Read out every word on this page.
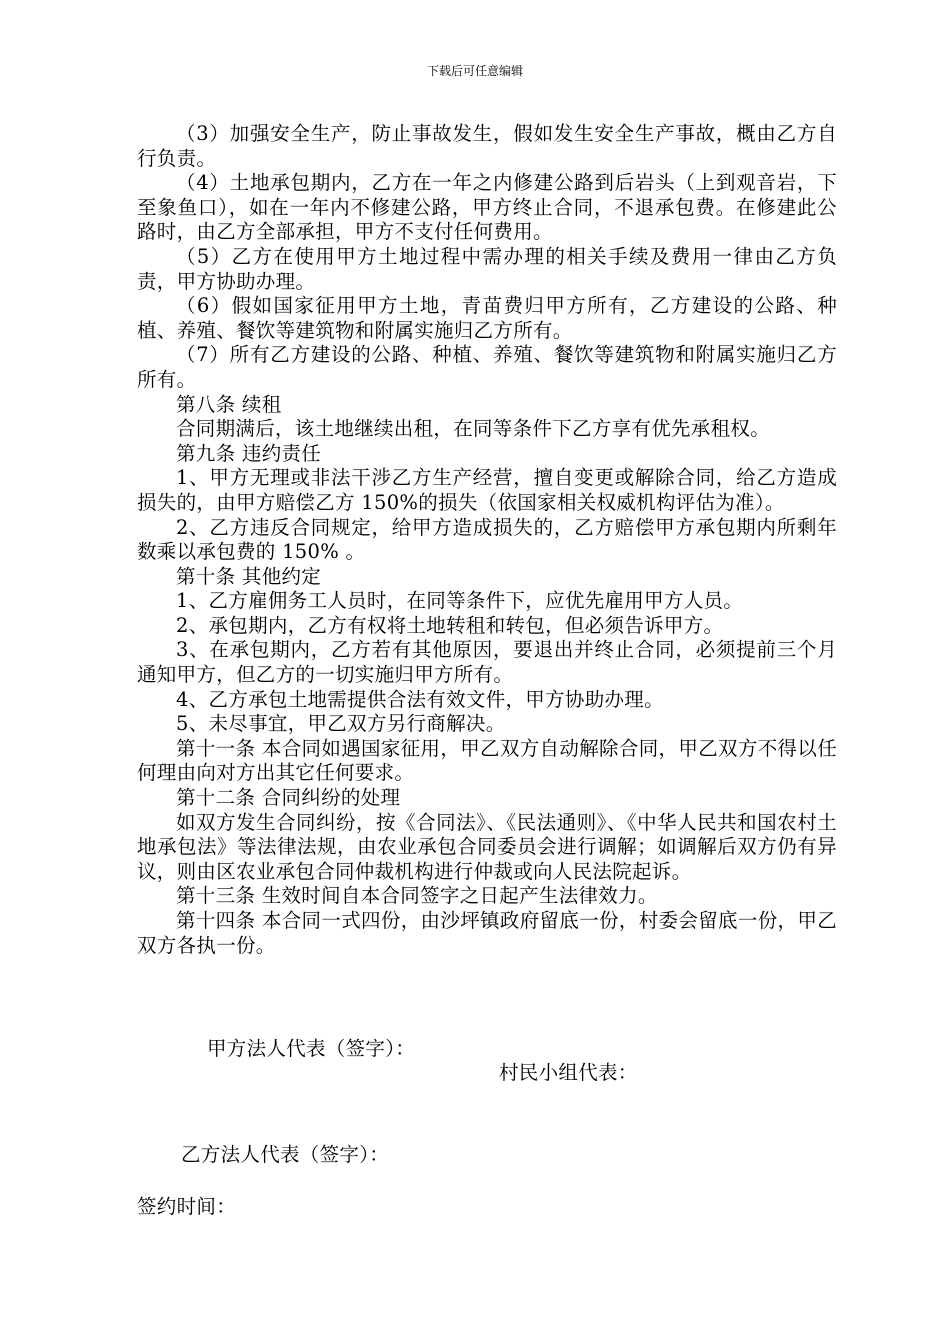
下载后可任意编辑

（3）加强安全生产，防止事故发生，假如发生安全生产事故，概由乙方自行负责。

（4）土地承包期内，乙方在一年之内修建公路到后岩头（上到观音岩，下至象鱼口），如在一年内不修建公路，甲方终止合同，不退承包费。在修建此公路时，由乙方全部承担，甲方不支付任何费用。

（5）乙方在使用甲方土地过程中需办理的相关手续及费用一律由乙方负责，甲方协助办理。

（6）假如国家征用甲方土地，青苗费归甲方所有，乙方建设的公路、种植、养殖、餐饮等建筑物和附属实施归乙方所有。

（7）所有乙方建设的公路、种植、养殖、餐饮等建筑物和附属实施归乙方所有。

第八条 续租

合同期满后，该土地继续出租，在同等条件下乙方享有优先承租权。

第九条 违约责任

1、甲方无理或非法干涉乙方生产经营，擅自变更或解除合同，给乙方造成损失的，由甲方赔偿乙方 150%的损失（依国家相关权威机构评估为准）。

2、乙方违反合同规定，给甲方造成损失的，乙方赔偿甲方承包期内所剩年数乘以承包费的 150% 。

第十条 其他约定

1、乙方雇佣务工人员时，在同等条件下，应优先雇用甲方人员。

2、承包期内，乙方有权将土地转租和转包，但必须告诉甲方。

3、在承包期内，乙方若有其他原因，要退出并终止合同，必须提前三个月通知甲方，但乙方的一切实施归甲方所有。

4、乙方承包土地需提供合法有效文件，甲方协助办理。

5、未尽事宜，甲乙双方另行商解决。

第十一条 本合同如遇国家征用，甲乙双方自动解除合同，甲乙双方不得以任何理由向对方出其它任何要求。

第十二条 合同纠纷的处理

如双方发生合同纠纷，按《合同法》、《民法通则》、《中华人民共和国农村土地承包法》等法律法规，由农业承包合同委员会进行调解；如调解后双方仍有异议，则由区农业承包合同仲裁机构进行仲裁或向人民法院起诉。

第十三条 生效时间自本合同签字之日起产生法律效力。

第十四条 本合同一式四份，由沙坪镇政府留底一份，村委会留底一份，甲乙双方各执一份。

甲方法人代表（签字）：

村民小组代表：

乙方法人代表（签字）：

签约时间：
